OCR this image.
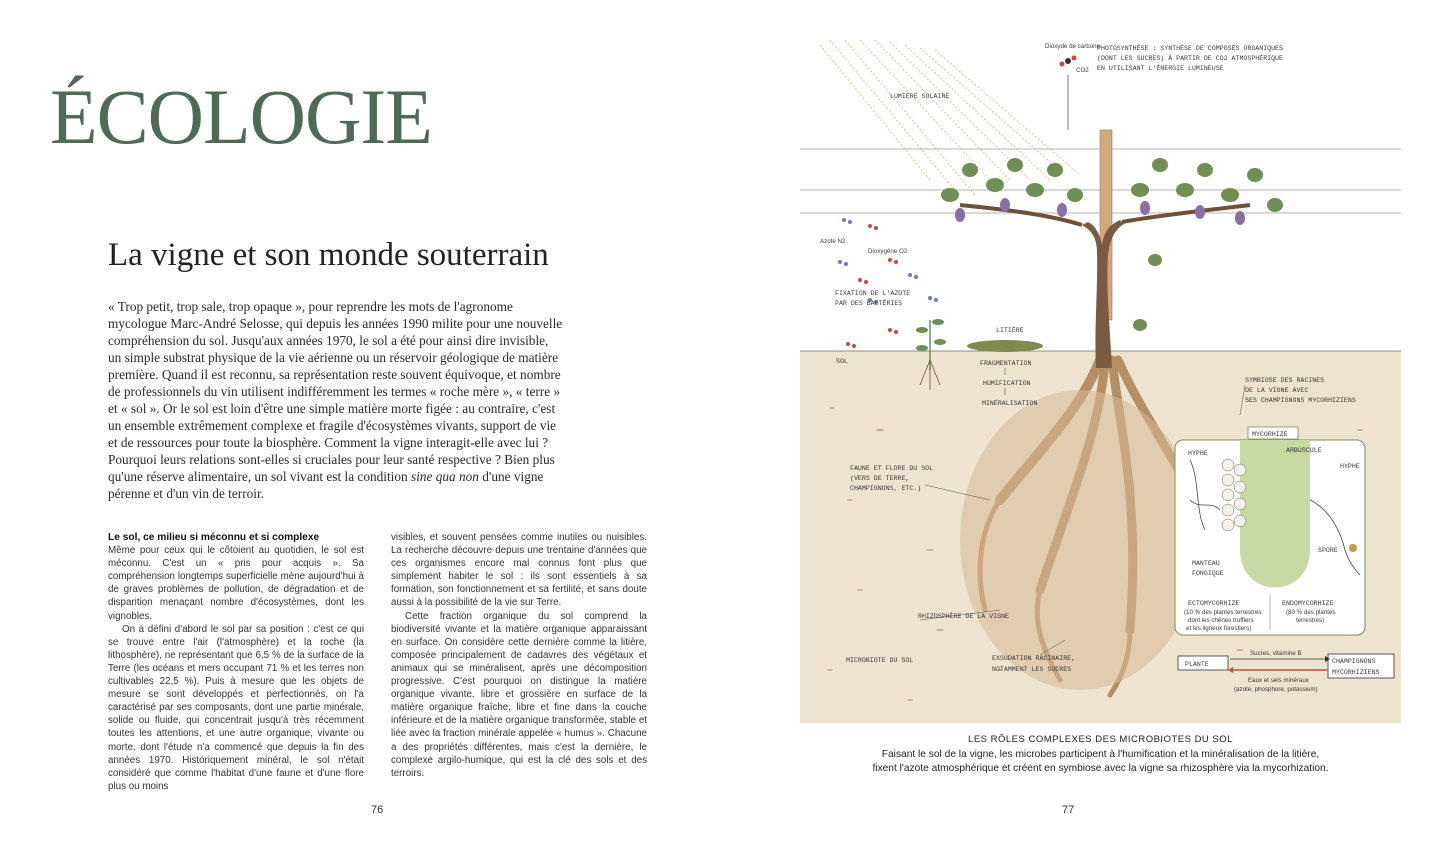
ÉCOLOGIE
La vigne et son monde souterrain

« Trop petit, trop sale, trop opaque », pour reprendre les mots de l'agronome mycologue Marc-André Selosse, qui depuis les années 1990 milite pour une nouvelle compréhension du sol. Jusqu'aux années 1970, le sol a été pour ainsi dire invisible, un simple substrat physique de la vie aérienne ou un réservoir géologique de matière première. Quand il est reconnu, sa représentation reste souvent équivoque, et nombre de professionnels du vin utilisent indifféremment les termes « roche mère », « terre » et « sol ». Or le sol est loin d'être une simple matière morte figée : au contraire, c'est un ensemble extrêmement complexe et fragile d'écosystèmes vivants, support de vie et de ressources pour toute la biosphère. Comment la vigne interagit-elle avec lui ? Pourquoi leurs relations sont-elles si cruciales pour leur santé respective ? Bien plus qu'une réserve alimentaire, un sol vivant est la condition sine qua non d'une vigne pérenne et d'un vin de terroir.

Le sol, ce milieu si méconnu et si complexe

Même pour ceux qui le côtoient au quotidien, le sol est méconnu. C'est un « pris pour acquis ». Sa compréhension longtemps superficielle mène aujourd'hui à de graves problèmes de pollution, de dégradation et de disparition menaçant nombre d'écosystèmes, dont les vignobles.

On a défini d'abord le sol par sa position : c'est ce qui se trouve entre l'air (l'atmosphère) et la roche (la lithosphère), ne représentant que 6,5 % de la surface de la Terre (les océans et mers occupant 71 % et les terres non cultivables 22,5 %). Puis à mesure que les objets de mesure se sont développés et perfectionnés, on l'a caractérisé par ses composants, dont une partie minérale, solide ou fluide, qui concentrait jusqu'à très récemment toutes les attentions, et une autre organique, vivante ou morte, dont l'étude n'a commencé que depuis la fin des années 1970. Historiquement minéral, le sol n'était considéré que comme l'habitat d'une faune et d'une flore plus ou moins

visibles, et souvent pensées comme inutiles ou nuisibles. La recherche découvre depuis une trentaine d'années que ces organismes encore mal connus font plus que simplement habiter le sol : ils sont essentiels à sa formation, son fonctionnement et sa fertilité, et sans doute aussi à la possibilité de la vie sur Terre.

Cette fraction organique du sol comprend la biodiversité vivante et la matière organique apparaissant en surface. On considère cette dernière comme la litière, composée principalement de cadavres des végétaux et animaux qui se minéralisent, après une décomposition progressive. C'est pourquoi on distingue la matière organique vivante, libre et grossière en surface de la matière organique fraîche, libre et fine dans la couche inférieure et de la matière organique transformée, stable et liée avec la fraction minérale appelée « humus ». Chacune a des propriétés différentes, mais c'est la dernière, le complexe argilo-humique, qui est la clé des sols et des terroirs.

76
Dioxyde de carbone
CO2
PHOTOSYNTHÈSE : SYNTHÈSE DE COMPOSÉS ORGANIQUES
(DONT LES SUCRES) À PARTIR DE CO2 ATMOSPHÉRIQUE
EN UTILISANT L'ÉNERGIE LUMINEUSE
LUMIÈRE SOLAIRE
Azote N2
Dioxygène O2
FIXATION DE L'AZOTE
PAR DES BACTÉRIES
LITIÈRE
SOL	FRAGMENTATION
HUMIFICATION
MINÉRALISATION
SYMBIOSE DES RACINES
DE LA VIGNE AVEC
SES CHAMPIGNONS MYCORHIZIENS
MYCORHIZE
HYPHE	ARBUSCULE
HYPHE
SPORE
MANTEAU
FONGIQUE
ECTOMYCORHIZE
(10 % des plantes terrestres
dont les chênes truffiers
et les ligneux forestiers)
ENDOMYCORHIZE
(80 % des plantes
terrestres)
FAUNE ET FLORE DU SOL
(VERS DE TERRE,
CHAMPIGNONS, ETC.)
RHIZOSPHÈRE DE LA VIGNE
EXSUDATION RACINAIRE,
NOTAMMENT LES SUCRES
MICROBIOTE DU SOL
PLANTE
Sucres, vitamine B
CHAMPIGNONS
MYCORHIZIENS
Eaux et sels minéraux
(azote, phosphore, potassium)
LES RÔLES COMPLEXES DES MICROBIOTES DU SOL
Faisant le sol de la vigne, les microbes participent à l'humification et la minéralisation de la litière,
fixent l'azote atmosphérique et créent en symbiose avec la vigne sa rhizosphère via la mycorhization.
77
